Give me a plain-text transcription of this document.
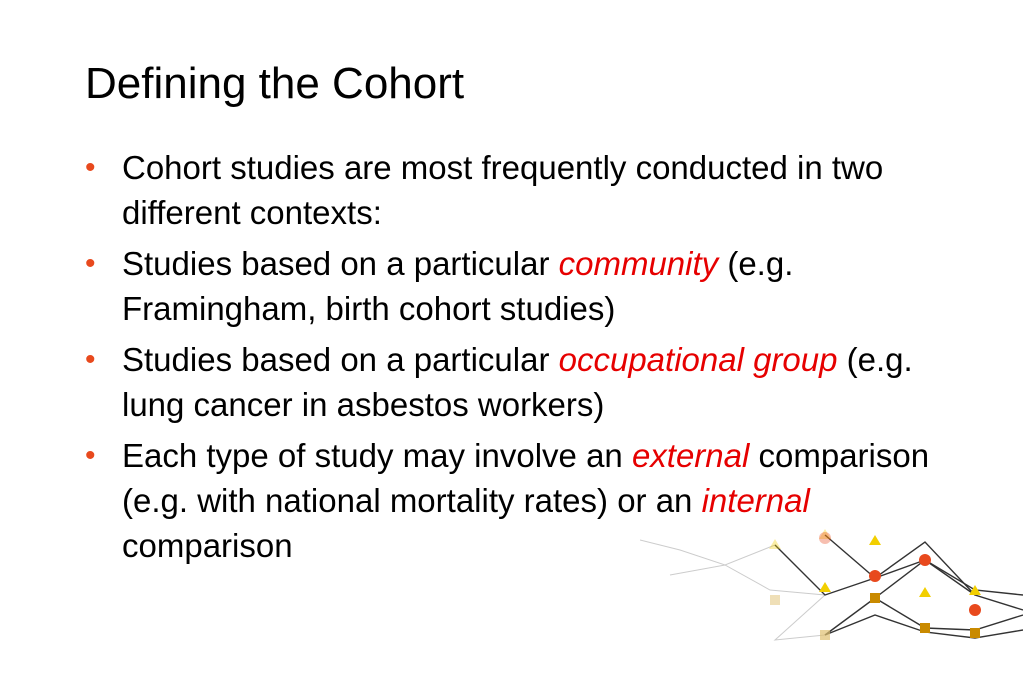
Defining the Cohort
• Cohort studies are most frequently conducted in two different contexts:
• Studies based on a particular community (e.g. Framingham, birth cohort studies)
• Studies based on a particular occupational group (e.g. lung cancer in asbestos workers)
• Each type of study may involve an external comparison (e.g. with national mortality rates) or an internal comparison
